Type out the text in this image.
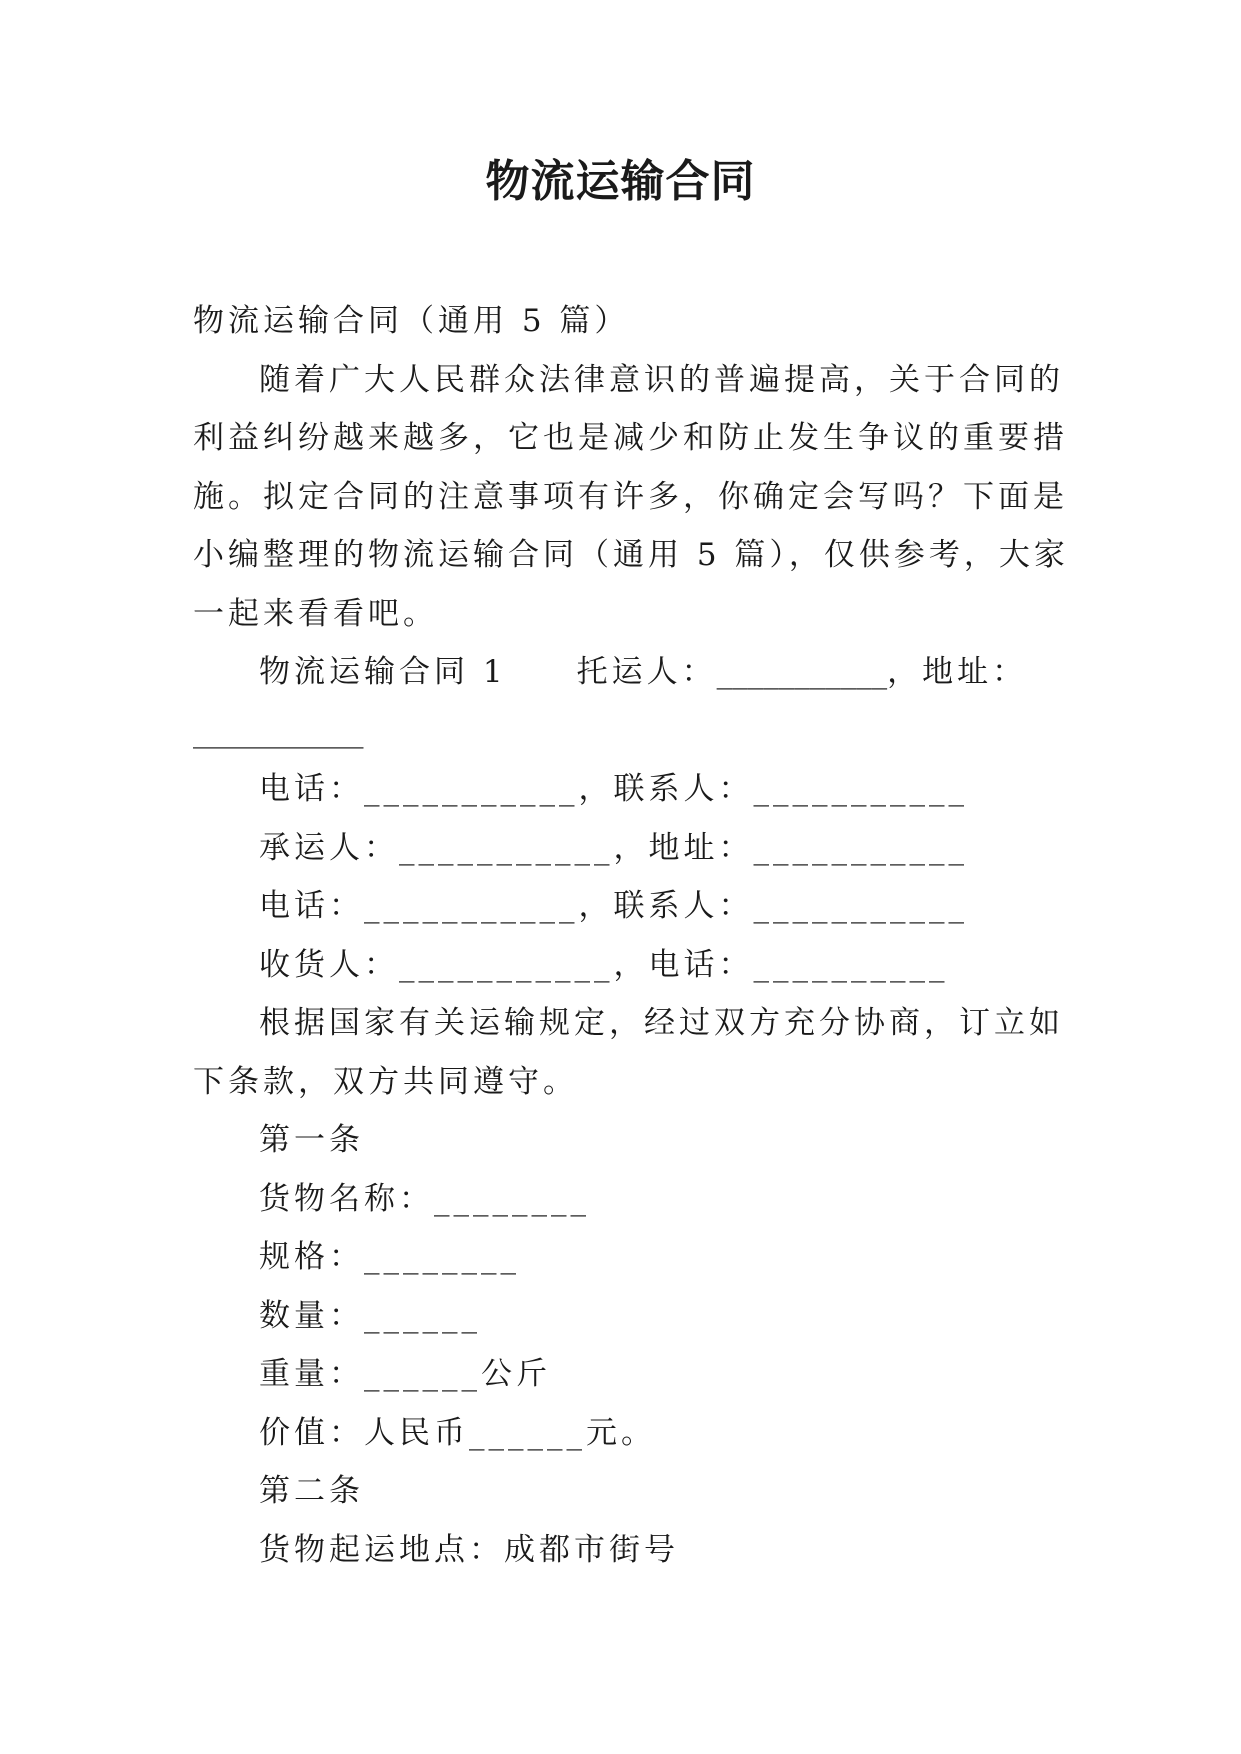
物流运输合同
物流运输合同（通用 5 篇）
随着广大人民群众法律意识的普遍提高，关于合同的利益纠纷越来越多，它也是减少和防止发生争议的重要措施。拟定合同的注意事项有许多，你确定会写吗？下面是小编整理的物流运输合同（通用 5 篇），仅供参考，大家一起来看看吧。
物流运输合同 1 托运人：___________，地址：
___________
电话：___________，联系人：___________
承运人：___________，地址：___________
电话：___________，联系人：___________
收货人：___________，电话：__________
根据国家有关运输规定，经过双方充分协商，订立如下条款，双方共同遵守。
第一条
货物名称：________
规格：________
数量：______
重量：______公斤
价值：人民币______元。
第二条
货物起运地点：成都市街号
